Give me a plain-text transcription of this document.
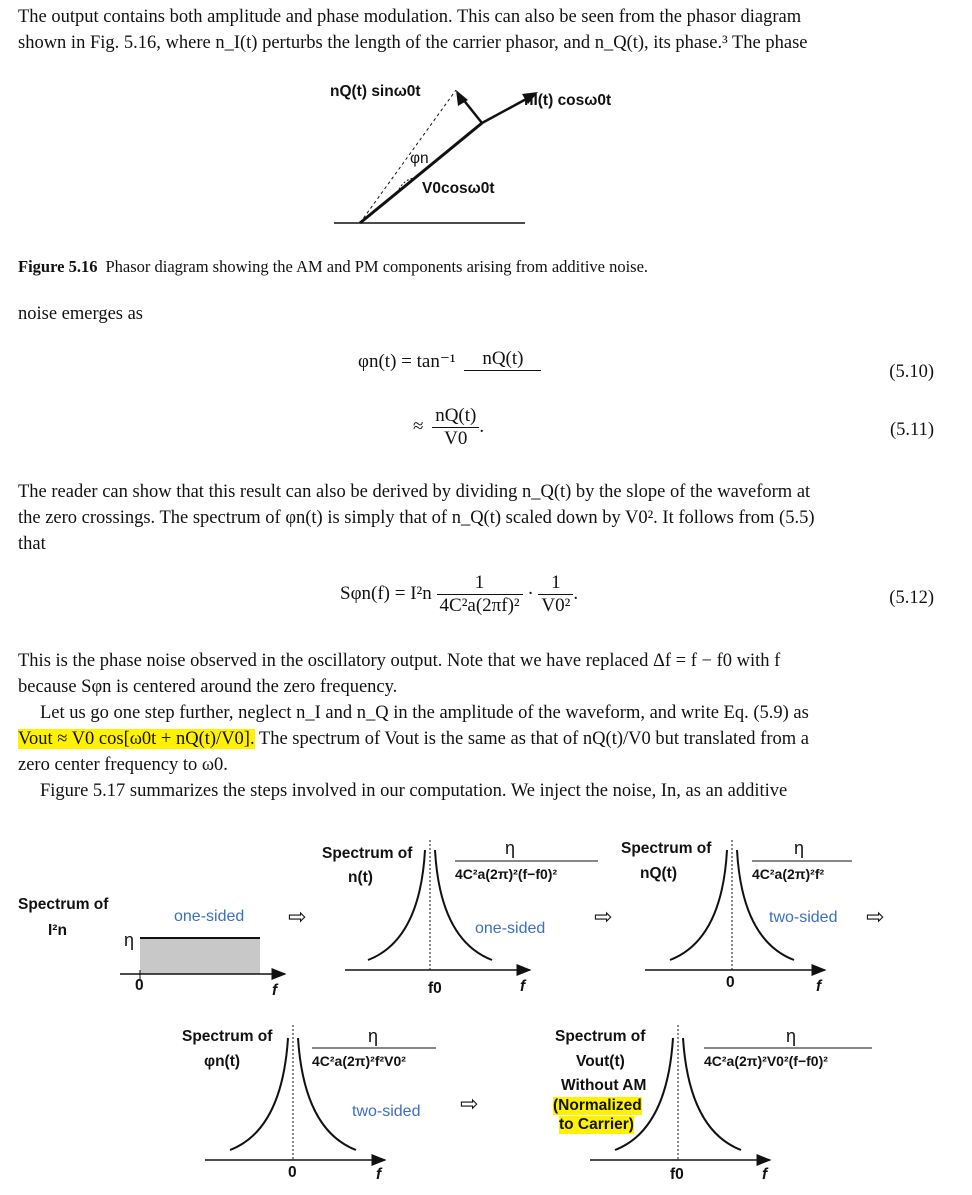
The output contains both amplitude and phase modulation. This can also be seen from the phasor diagram
shown in Fig. 5.16, where n_I(t) perturbs the length of the carrier phasor, and n_Q(t), its phase.³ The phase
nQ(t) sinω0t
nI(t) cosω0t
φn
V0cosω0t
Figure 5.16 Phasor diagram showing the AM and PM components arising from additive noise.
noise emerges as
φn(t) = tan⁻¹	nQ(t)
(5.10)
≈ $\frac{nQ(t)}{V0}$ .	(5.11)
The reader can show that this result can also be derived by dividing n_Q(t) by the slope of the waveform at
the zero crossings. The spectrum of φn(t) is simply that of n_Q(t) scaled down by V0². It follows from (5.5)
that
$S\varphi n(f) = I^2n \frac{1}{\text{4C²a(2πf)²}} \cdot \frac{1}{\text{V0²}}$ .	(5.12)
This is the phase noise observed in the oscillatory output. Note that we have replaced Δf = f − f0 with f
because Sφn is centered around the zero frequency.
Let us go one step further, neglect n_I and n_Q in the amplitude of the waveform, and write Eq. (5.9) as
Vout ≈ V0 cos[ω0t + nQ(t)/V0]. The spectrum of Vout is the same as that of nQ(t)/V0 but translated from a
zero center frequency to ω0.
Figure 5.17 summarizes the steps involved in our computation. We inject the noise, In, as an additive
Spectrum of
I²n	η
one-sided
0	f
⇨
Spectrum of
n(t)
η
4C²a(2π)²(f−f0)²
one-sided
f0	f
⇨
Spectrum of
nQ(t)
η
4C²a(2π)²f²
two-sided
0	f
⇨
Spectrum of
φn(t)
η
4C²a(2π)²f²V0²
two-sided
0	f
⇨
Spectrum of
Vout(t)
Without AM
(Normalized
to Carrier)
η
4C²a(2π)²V0²(f−f0)²
f0	f
